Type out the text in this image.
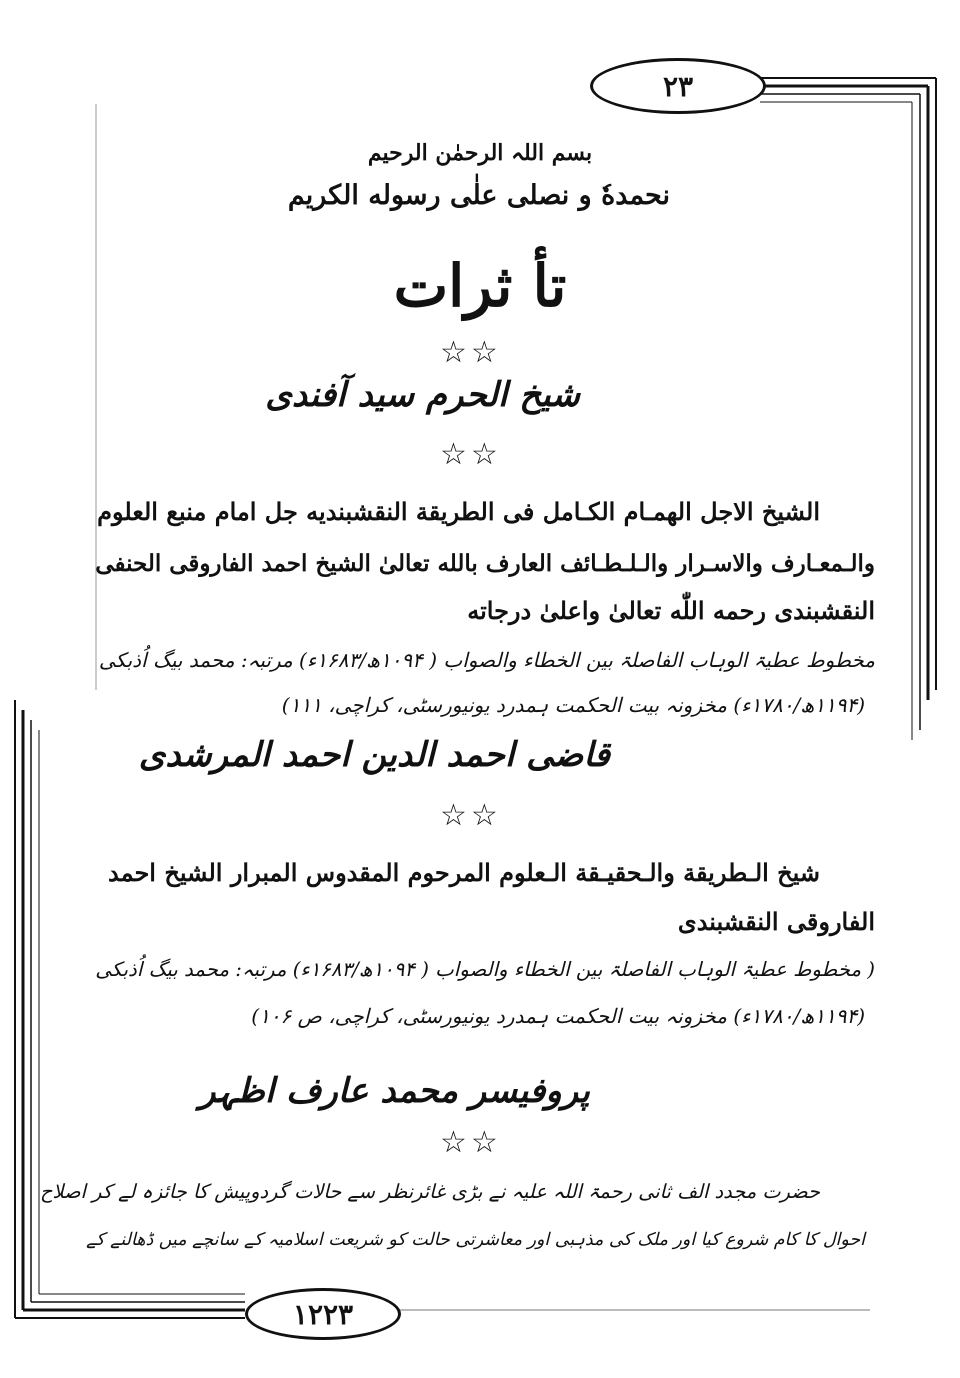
٢٣
١٢٢٣
بسم اللہ الرحمٰن الرحیم
نحمدهٗ و نصلی علٰی رسوله الکریم
تأ ثرات
☆☆
شیخ الحرم سید آفندی
☆☆
الشیخ الاجل الھمـام الکـامل فی الطریقة النقشبندیه جل امام منبع العلوم
والـمعـارف والاسـرار والـلـطـائف العارف بالله تعالیٰ الشیخ احمد الفاروقی الحنفی
النقشبندی رحمه اللّٰه تعالیٰ واعلیٰ درجاته
مخطوط عطیۃ الوہاب الفاصلۃ بین الخطاء والصواب ( ۱۰۹۴ھ/۱۶۸۳ء) مرتبہ: محمد بیگ اُذبکی
(۱۱۹۴ھ/۱۷۸۰ء) مخزونہ بیت الحکمت ہمدرد یونیورسٹی، کراچی، ۱۱۱)
قاضی احمد الدین احمد المرشدی
☆☆
شیخ الـطریقة والـحقیـقة الـعلوم المرحوم المقدوس المبرار الشیخ احمد
الفاروقی النقشبندی
( مخطوط عطیۃ الوہاب الفاصلۃ بین الخطاء والصواب ( ۱۰۹۴ھ/۱۶۸۳ء) مرتبہ: محمد بیگ اُذبکی
(۱۱۹۴ھ/۱۷۸۰ء) مخزونہ بیت الحکمت ہمدرد یونیورسٹی، کراچی، ص ۱۰۶)
پروفیسر محمد عارف اظہر
☆☆
حضرت مجدد الف ثانی رحمۃ اللہ علیہ نے بڑی غائرنظر سے حالات گردوپیش کا جائزہ لے کر اصلاح
احوال کا کام شروع کیا اور ملک کی مذہبی اور معاشرتی حالت کو شریعت اسلامیہ کے سانچے میں ڈھالنے کے
